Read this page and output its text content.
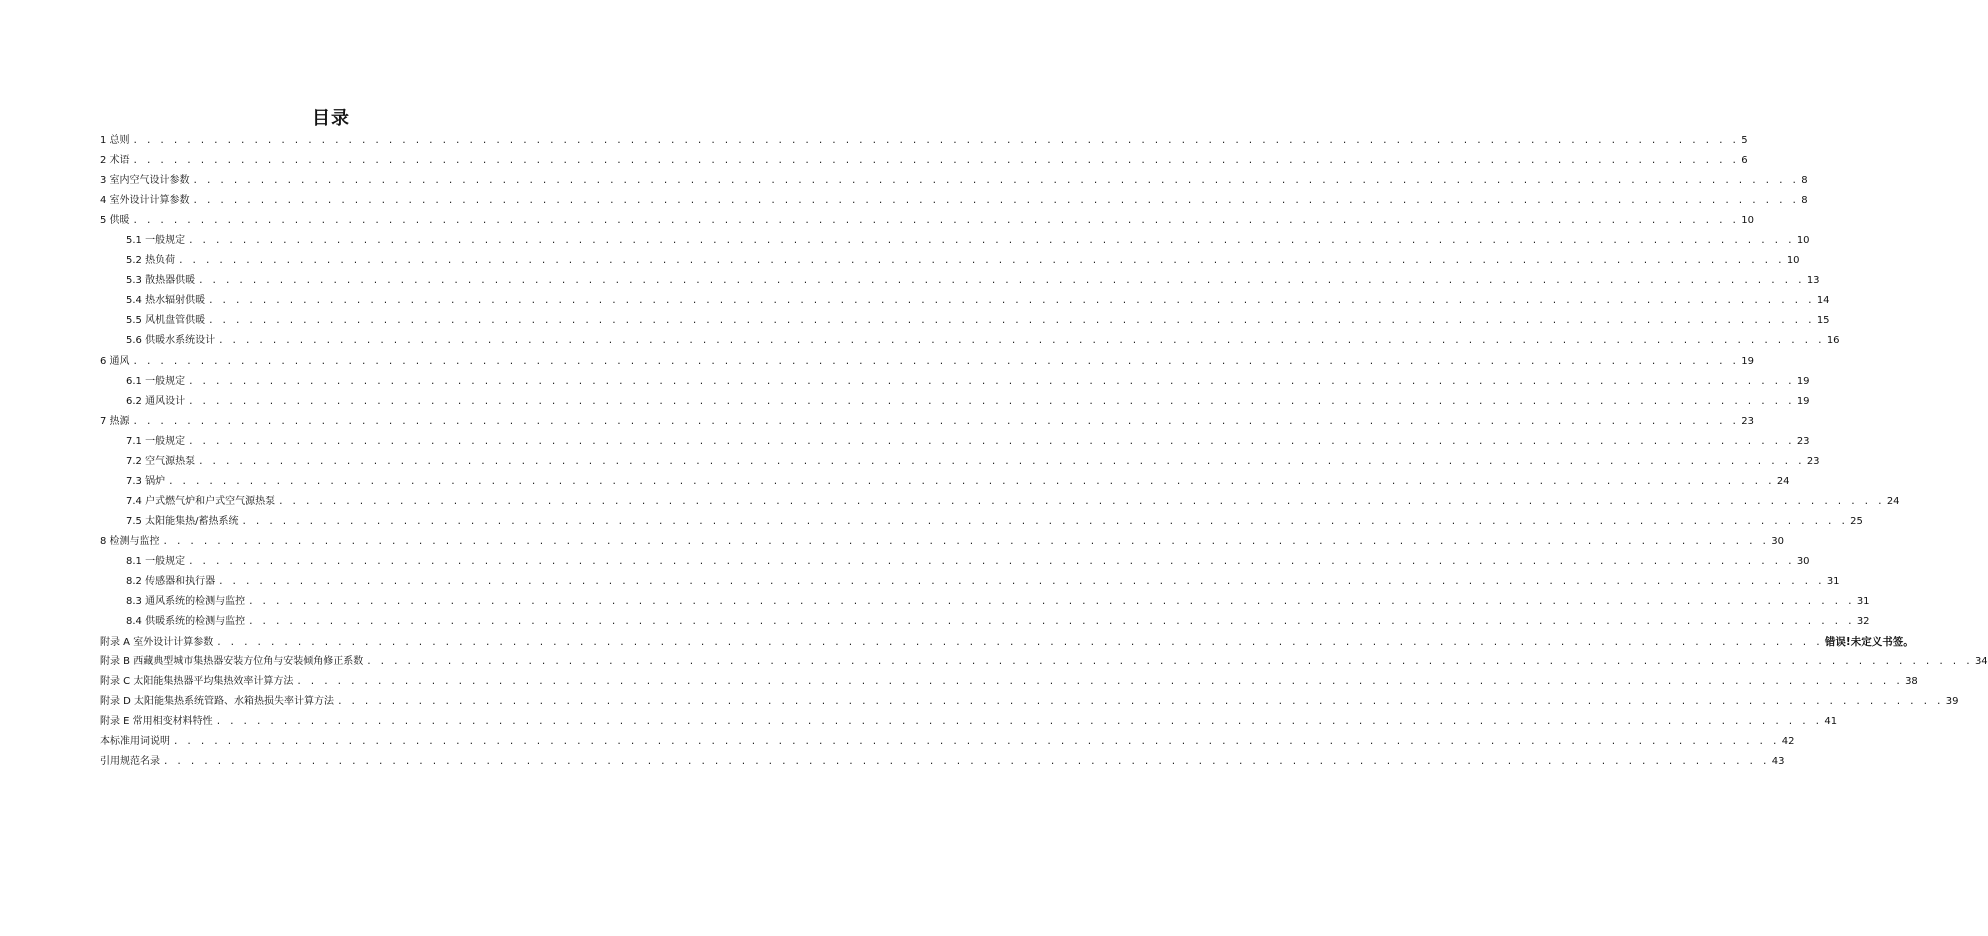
目录
1 总则 . . . . . . . . . . . . . . . . . . . . . . . . . . . . . . . . . . . . . . . . . . . . . . . . . . . . . . . . . . . . . . . . . . . . . . . . . . . . . . . . . . . . . . . . . . . . . . . . . . . . . . . . . . . . . . . . . . . . . . . . 5
2 术语 . . . . . . . . . . . . . . . . . . . . . . . . . . . . . . . . . . . . . . . . . . . . . . . . . . . . . . . . . . . . . . . . . . . . . . . . . . . . . . . . . . . . . . . . . . . . . . . . . . . . . . . . . . . . . . . . . . . . . . . . 6
3 室内空气设计参数 . . . . . . . . . . . . . . . . . . . . . . . . . . . . . . . . . . . . . . . . . . . . . . . . . . . . . . . . . . . . . . . . . . . . . . . . . . . . . . . . . . . . . . . . . . . . . . . . . . . . . . . . . . . . . . . . . . . . . . . . 8
4 室外设计计算参数 . . . . . . . . . . . . . . . . . . . . . . . . . . . . . . . . . . . . . . . . . . . . . . . . . . . . . . . . . . . . . . . . . . . . . . . . . . . . . . . . . . . . . . . . . . . . . . . . . . . . . . . . . . . . . . . . . . . . . . . . 8
5 供暖 . . . . . . . . . . . . . . . . . . . . . . . . . . . . . . . . . . . . . . . . . . . . . . . . . . . . . . . . . . . . . . . . . . . . . . . . . . . . . . . . . . . . . . . . . . . . . . . . . . . . . . . . . . . . . . . . . . . . . . . . 10
5.1 一般规定 . . . . . . . . . . . . . . . . . . . . . . . . . . . . . . . . . . . . . . . . . . . . . . . . . . . . . . . . . . . . . . . . . . . . . . . . . . . . . . . . . . . . . . . . . . . . . . . . . . . . . . . . . . . . . . . . . . . . . . . . 10
5.2 热负荷 . . . . . . . . . . . . . . . . . . . . . . . . . . . . . . . . . . . . . . . . . . . . . . . . . . . . . . . . . . . . . . . . . . . . . . . . . . . . . . . . . . . . . . . . . . . . . . . . . . . . . . . . . . . . . . . . . . . . . . . . 10
5.3 散热器供暖 . . . . . . . . . . . . . . . . . . . . . . . . . . . . . . . . . . . . . . . . . . . . . . . . . . . . . . . . . . . . . . . . . . . . . . . . . . . . . . . . . . . . . . . . . . . . . . . . . . . . . . . . . . . . . . . . . . . . . . . . 13
5.4 热水辐射供暖 . . . . . . . . . . . . . . . . . . . . . . . . . . . . . . . . . . . . . . . . . . . . . . . . . . . . . . . . . . . . . . . . . . . . . . . . . . . . . . . . . . . . . . . . . . . . . . . . . . . . . . . . . . . . . . . . . . . . . . . . 14
5.5 风机盘管供暖 . . . . . . . . . . . . . . . . . . . . . . . . . . . . . . . . . . . . . . . . . . . . . . . . . . . . . . . . . . . . . . . . . . . . . . . . . . . . . . . . . . . . . . . . . . . . . . . . . . . . . . . . . . . . . . . . . . . . . . . . 15
5.6 供暖水系统设计 . . . . . . . . . . . . . . . . . . . . . . . . . . . . . . . . . . . . . . . . . . . . . . . . . . . . . . . . . . . . . . . . . . . . . . . . . . . . . . . . . . . . . . . . . . . . . . . . . . . . . . . . . . . . . . . . . . . . . . . . 16
6 通风 . . . . . . . . . . . . . . . . . . . . . . . . . . . . . . . . . . . . . . . . . . . . . . . . . . . . . . . . . . . . . . . . . . . . . . . . . . . . . . . . . . . . . . . . . . . . . . . . . . . . . . . . . . . . . . . . . . . . . . . . 19
6.1 一般规定 . . . . . . . . . . . . . . . . . . . . . . . . . . . . . . . . . . . . . . . . . . . . . . . . . . . . . . . . . . . . . . . . . . . . . . . . . . . . . . . . . . . . . . . . . . . . . . . . . . . . . . . . . . . . . . . . . . . . . . . . 19
6.2 通风设计 . . . . . . . . . . . . . . . . . . . . . . . . . . . . . . . . . . . . . . . . . . . . . . . . . . . . . . . . . . . . . . . . . . . . . . . . . . . . . . . . . . . . . . . . . . . . . . . . . . . . . . . . . . . . . . . . . . . . . . . . 19
7 热源 . . . . . . . . . . . . . . . . . . . . . . . . . . . . . . . . . . . . . . . . . . . . . . . . . . . . . . . . . . . . . . . . . . . . . . . . . . . . . . . . . . . . . . . . . . . . . . . . . . . . . . . . . . . . . . . . . . . . . . . . 23
7.1 一般规定 . . . . . . . . . . . . . . . . . . . . . . . . . . . . . . . . . . . . . . . . . . . . . . . . . . . . . . . . . . . . . . . . . . . . . . . . . . . . . . . . . . . . . . . . . . . . . . . . . . . . . . . . . . . . . . . . . . . . . . . . 23
7.2 空气源热泵 . . . . . . . . . . . . . . . . . . . . . . . . . . . . . . . . . . . . . . . . . . . . . . . . . . . . . . . . . . . . . . . . . . . . . . . . . . . . . . . . . . . . . . . . . . . . . . . . . . . . . . . . . . . . . . . . . . . . . . . . 23
7.3 锅炉 . . . . . . . . . . . . . . . . . . . . . . . . . . . . . . . . . . . . . . . . . . . . . . . . . . . . . . . . . . . . . . . . . . . . . . . . . . . . . . . . . . . . . . . . . . . . . . . . . . . . . . . . . . . . . . . . . . . . . . . . 24
7.4 户式燃气炉和户式空气源热泵 . . . . . . . . . . . . . . . . . . . . . . . . . . . . . . . . . . . . . . . . . . . . . . . . . . . . . . . . . . . . . . . . . . . . . . . . . . . . . . . . . . . . . . . . . . . . . . . . . . . . . . . . . . . . . . . . . . . . . . . . 24
7.5 太阳能集热/蓄热系统 . . . . . . . . . . . . . . . . . . . . . . . . . . . . . . . . . . . . . . . . . . . . . . . . . . . . . . . . . . . . . . . . . . . . . . . . . . . . . . . . . . . . . . . . . . . . . . . . . . . . . . . . . . . . . . . . . . . . . . . . 25
8 检测与监控 . . . . . . . . . . . . . . . . . . . . . . . . . . . . . . . . . . . . . . . . . . . . . . . . . . . . . . . . . . . . . . . . . . . . . . . . . . . . . . . . . . . . . . . . . . . . . . . . . . . . . . . . . . . . . . . . . . . . . . . . 30
8.1 一般规定 . . . . . . . . . . . . . . . . . . . . . . . . . . . . . . . . . . . . . . . . . . . . . . . . . . . . . . . . . . . . . . . . . . . . . . . . . . . . . . . . . . . . . . . . . . . . . . . . . . . . . . . . . . . . . . . . . . . . . . . . 30
8.2 传感器和执行器 . . . . . . . . . . . . . . . . . . . . . . . . . . . . . . . . . . . . . . . . . . . . . . . . . . . . . . . . . . . . . . . . . . . . . . . . . . . . . . . . . . . . . . . . . . . . . . . . . . . . . . . . . . . . . . . . . . . . . . . . 31
8.3 通风系统的检测与监控 . . . . . . . . . . . . . . . . . . . . . . . . . . . . . . . . . . . . . . . . . . . . . . . . . . . . . . . . . . . . . . . . . . . . . . . . . . . . . . . . . . . . . . . . . . . . . . . . . . . . . . . . . . . . . . . . . . . . . . . . 31
8.4 供暖系统的检测与监控 . . . . . . . . . . . . . . . . . . . . . . . . . . . . . . . . . . . . . . . . . . . . . . . . . . . . . . . . . . . . . . . . . . . . . . . . . . . . . . . . . . . . . . . . . . . . . . . . . . . . . . . . . . . . . . . . . . . . . . . . 32
附录 A 室外设计计算参数 . . . . . . . . . . . . . . . . . . . . . . . . . . . . . . . . . . . . . . . . . . . . . . . . . . . . . . . . . . . . . . . . . . . . . . . . . . . . . . . . . . . . . . . . . . . . . . . . . . . . . . . . . . . . . . . . . . . . . . . . 错误!未定义书签。
附录 B 西藏典型城市集热器安装方位角与安装倾角修正系数 . . . . . . . . . . . . . . . . . . . . . . . . . . . . . . . . . . . . . . . . . . . . . . . . . . . . . . . . . . . . . . . . . . . . . . . . . . . . . . . . . . . . . . . . . . . . . . . . . . . . . . . . . . . . . . . . . . . . . . . . 34
附录 C 太阳能集热器平均集热效率计算方法 . . . . . . . . . . . . . . . . . . . . . . . . . . . . . . . . . . . . . . . . . . . . . . . . . . . . . . . . . . . . . . . . . . . . . . . . . . . . . . . . . . . . . . . . . . . . . . . . . . . . . . . . . . . . . . . . . . . . . . . . 38
附录 D 太阳能集热系统管路、水箱热损失率计算方法 . . . . . . . . . . . . . . . . . . . . . . . . . . . . . . . . . . . . . . . . . . . . . . . . . . . . . . . . . . . . . . . . . . . . . . . . . . . . . . . . . . . . . . . . . . . . . . . . . . . . . . . . . . . . . . . . . . . . . . . . 39
附录 E 常用相变材料特性 . . . . . . . . . . . . . . . . . . . . . . . . . . . . . . . . . . . . . . . . . . . . . . . . . . . . . . . . . . . . . . . . . . . . . . . . . . . . . . . . . . . . . . . . . . . . . . . . . . . . . . . . . . . . . . . . . . . . . . . . 41
本标准用词说明 . . . . . . . . . . . . . . . . . . . . . . . . . . . . . . . . . . . . . . . . . . . . . . . . . . . . . . . . . . . . . . . . . . . . . . . . . . . . . . . . . . . . . . . . . . . . . . . . . . . . . . . . . . . . . . . . . . . . . . . . 42
引用规范名录 . . . . . . . . . . . . . . . . . . . . . . . . . . . . . . . . . . . . . . . . . . . . . . . . . . . . . . . . . . . . . . . . . . . . . . . . . . . . . . . . . . . . . . . . . . . . . . . . . . . . . . . . . . . . . . . . . . . . . . . . 43
